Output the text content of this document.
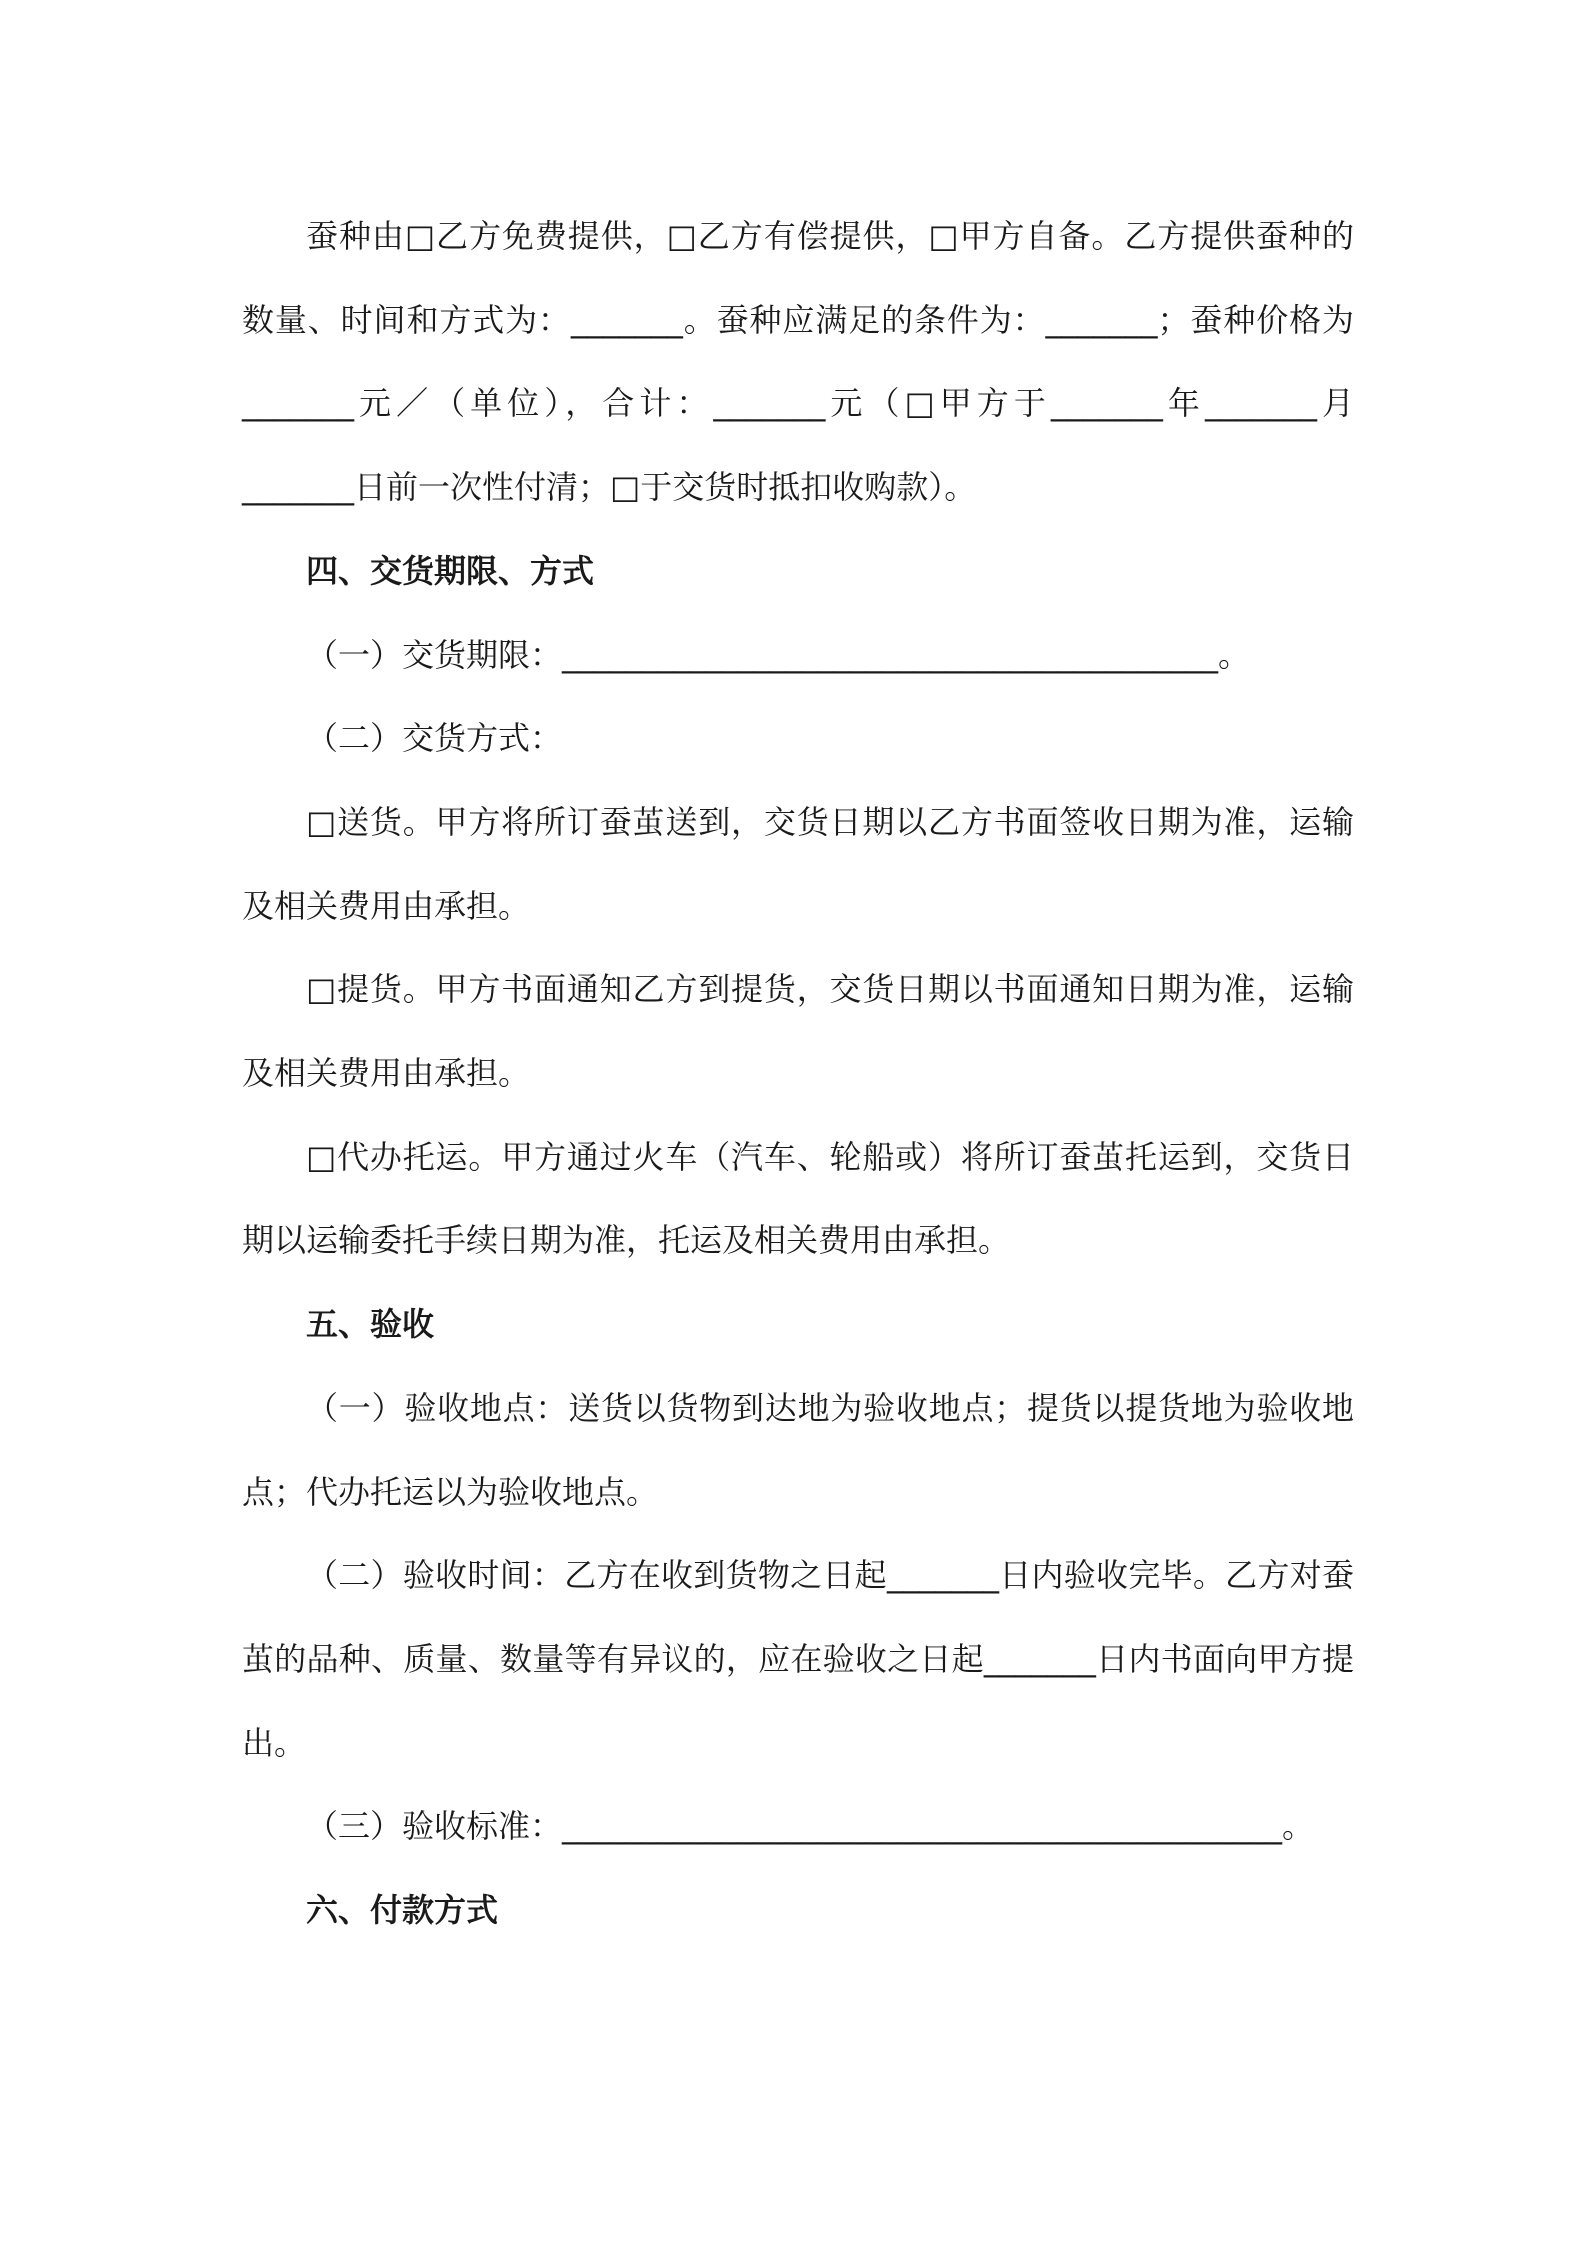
蚕种由□乙方免费提供，□乙方有偿提供，□甲方自备。乙方提供蚕种的数量、时间和方式为：_______。蚕种应满足的条件为：_______；蚕种价格为_______元／（单位），合计：_______元（□甲方于_______年_______月_______日前一次性付清；□于交货时抵扣收购款）。

四、交货期限、方式

（一）交货期限：_________________________________________。

（二）交货方式：

□送货。甲方将所订蚕茧送到，交货日期以乙方书面签收日期为准，运输及相关费用由承担。

□提货。甲方书面通知乙方到提货，交货日期以书面通知日期为准，运输及相关费用由承担。

□代办托运。甲方通过火车（汽车、轮船或）将所订蚕茧托运到，交货日期以运输委托手续日期为准，托运及相关费用由承担。

五、验收

（一）验收地点：送货以货物到达地为验收地点；提货以提货地为验收地点；代办托运以为验收地点。

（二）验收时间：乙方在收到货物之日起_______日内验收完毕。乙方对蚕茧的品种、质量、数量等有异议的，应在验收之日起_______日内书面向甲方提出。

（三）验收标准：_____________________________________________。

六、付款方式
